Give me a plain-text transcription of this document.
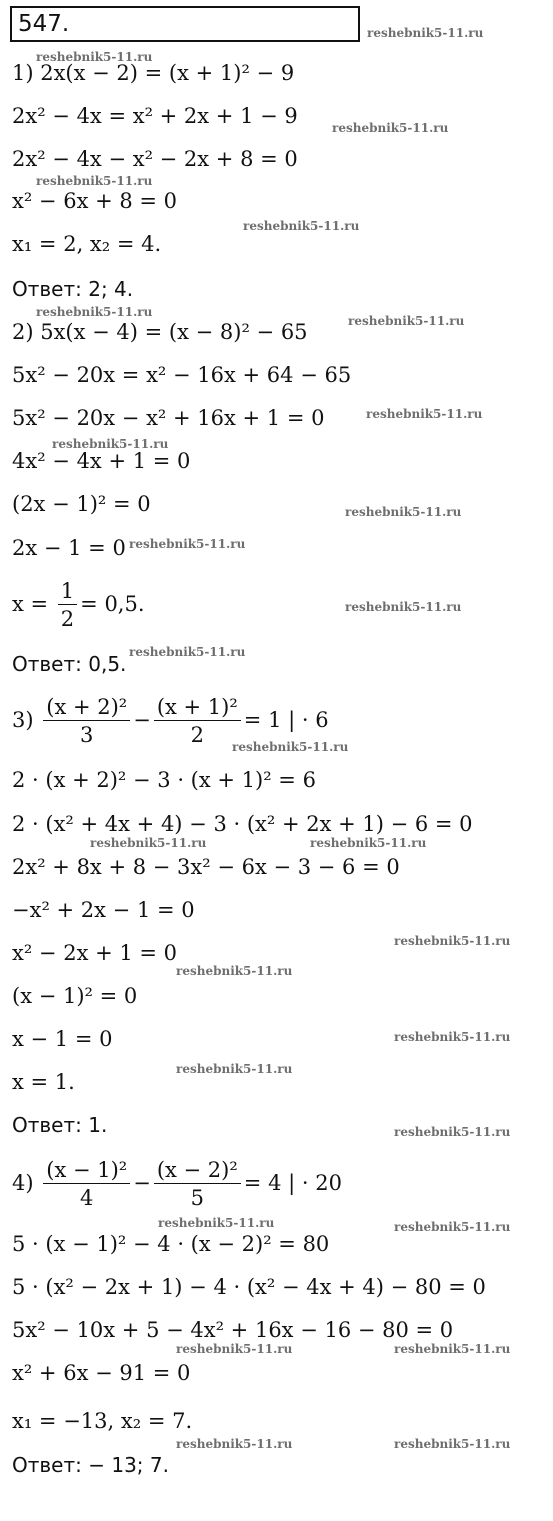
547.
1) 2x(x − 2) = (x + 1)² − 9
2x² − 4x = x² + 2x + 1 − 9
2x² − 4x − x² − 2x + 8 = 0
x² − 6x + 8 = 0
x₁ = 2, x₂ = 4.
Ответ: 2; 4.
2) 5x(x − 4) = (x − 8)² − 65
5x² − 20x = x² − 16x + 64 − 65
5x² − 20x − x² + 16x + 1 = 0
4x² − 4x + 1 = 0
(2x − 1)² = 0
2x − 1 = 0
$x = \frac{1}{2} = 0,5$.
Ответ: 0,5.
$3) \frac{\text{(x + 2)²}}{3} - \frac{\text{(x + 1)²}}{2} = 1$ | · 6
2 · (x + 2)² − 3 · (x + 1)² = 6
2 · (x² + 4x + 4) − 3 · (x² + 2x + 1) − 6 = 0
2x² + 8x + 8 − 3x² − 6x − 3 − 6 = 0
−x² + 2x − 1 = 0
x² − 2x + 1 = 0
(x − 1)² = 0
x − 1 = 0
x = 1.
Ответ: 1.
$4) \frac{\text{(x − 1)²}}{4} - \frac{\text{(x − 2)²}}{5} = 4$ | · 20
5 · (x − 1)² − 4 · (x − 2)² = 80
5 · (x² − 2x + 1) − 4 · (x² − 4x + 4) − 80 = 0
5x² − 10x + 5 − 4x² + 16x − 16 − 80 = 0
x² + 6x − 91 = 0
x₁ = −13, x₂ = 7.
Ответ: − 13; 7.
reshebnik5-11.ru
reshebnik5-11.ru
reshebnik5-11.ru
reshebnik5-11.ru
reshebnik5-11.ru
reshebnik5-11.ru
reshebnik5-11.ru
reshebnik5-11.ru
reshebnik5-11.ru
reshebnik5-11.ru
reshebnik5-11.ru
reshebnik5-11.ru
reshebnik5-11.ru
reshebnik5-11.ru
reshebnik5-11.ru	reshebnik5-11.ru
reshebnik5-11.ru
reshebnik5-11.ru
reshebnik5-11.ru
reshebnik5-11.ru
reshebnik5-11.ru
reshebnik5-11.ru	reshebnik5-11.ru
reshebnik5-11.ru	reshebnik5-11.ru
reshebnik5-11.ru	reshebnik5-11.ru
